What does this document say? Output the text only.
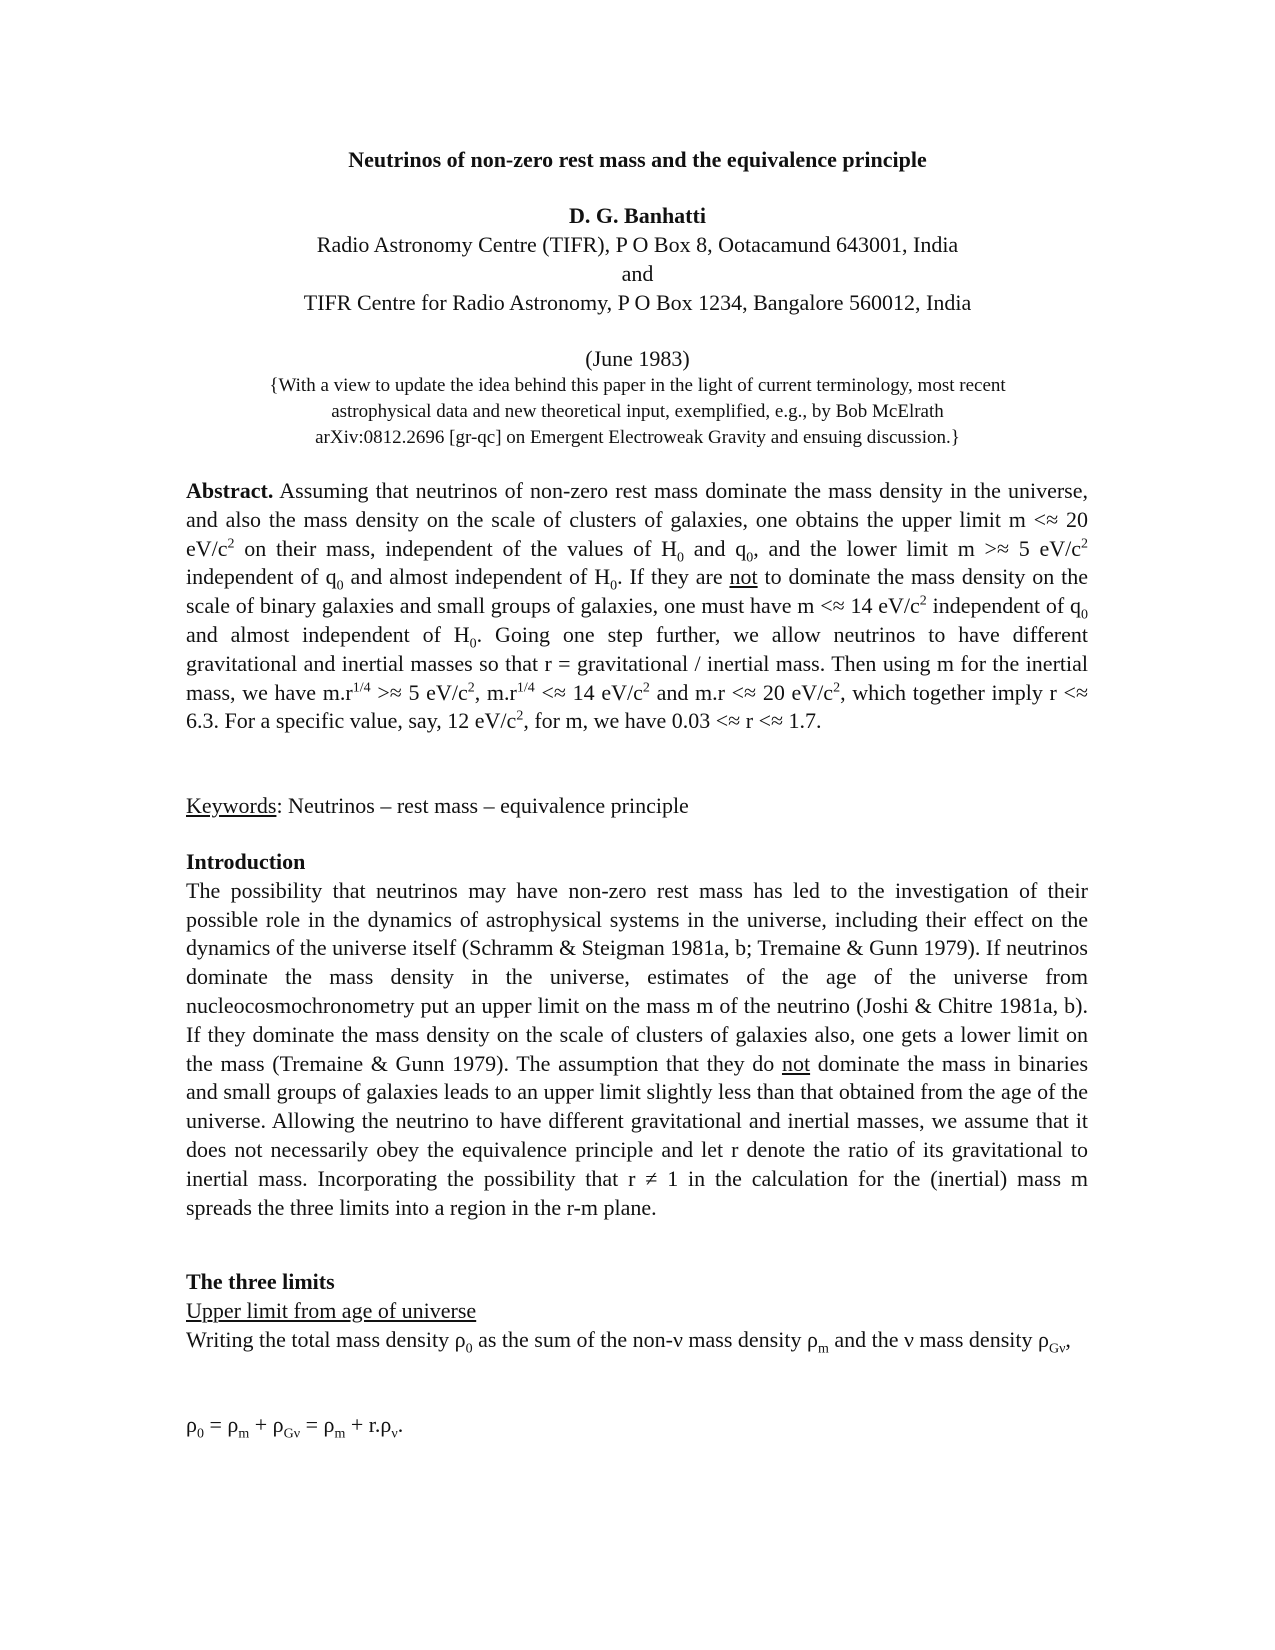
Neutrinos of non-zero rest mass and the equivalence principle
D. G. Banhatti
Radio Astronomy Centre (TIFR), P O Box 8, Ootacamund 643001, India
and
TIFR Centre for Radio Astronomy, P O Box 1234, Bangalore 560012, India
(June 1983)
{With a view to update the idea behind this paper in the light of current terminology, most recent
astrophysical data and new theoretical input, exemplified, e.g., by Bob McElrath
arXiv:0812.2696 [gr-qc] on Emergent Electroweak Gravity and ensuing discussion.}
Abstract. Assuming that neutrinos of non-zero rest mass dominate the mass density in the universe, and also the mass density on the scale of clusters of galaxies, one obtains the upper limit m <≈ 20 $eV/c^2$ on their mass, independent of the values of $H_0$ and $q_0$, and the lower limit m >≈ 5 $eV/c^2$ independent of $q_0$ and almost independent of $H_0$. If they are not to dominate the mass density on the scale of binary galaxies and small groups of galaxies, one must have m <≈ 14 $eV/c^2$ independent of $q_0$ and almost independent of $H_0$. Going one step further, we allow neutrinos to have different gravitational and inertial masses so that r = gravitational / inertial mass. Then using m for the inertial mass, we have $m.r^{1/4} >\approx 5$ $eV/c^2$, $m.r^{1/4} <\approx 14$ $eV/c^2$ and m.r <≈ 20 $eV/c^2$, which together imply r <≈ 6.3. For a specific value, say, 12 $eV/c^2$, for m, we have 0.03 <≈ r <≈ 1.7.
Keywords: Neutrinos – rest mass – equivalence principle
Introduction
The possibility that neutrinos may have non-zero rest mass has led to the investigation of their possible role in the dynamics of astrophysical systems in the universe, including their effect on the dynamics of the universe itself (Schramm & Steigman 1981a, b; Tremaine & Gunn 1979). If neutrinos dominate the mass density in the universe, estimates of the age of the universe from nucleocosmochronometry put an upper limit on the mass m of the neutrino (Joshi & Chitre 1981a, b). If they dominate the mass density on the scale of clusters of galaxies also, one gets a lower limit on the mass (Tremaine & Gunn 1979). The assumption that they do not dominate the mass in binaries and small groups of galaxies leads to an upper limit slightly less than that obtained from the age of the universe. Allowing the neutrino to have different gravitational and inertial masses, we assume that it does not necessarily obey the equivalence principle and let r denote the ratio of its gravitational to inertial mass. Incorporating the possibility that r ≠ 1 in the calculation for the (inertial) mass m spreads the three limits into a region in the r-m plane.
The three limits
Upper limit from age of universe
Writing the total mass density $\rho_0$ as the sum of the non-ν mass density $\rho_m$ and the ν mass density $\rho_{G\nu}$,
$\rho_0 = \rho_m + \rho_{G\nu} = \rho_m + r.\rho_\nu$.
